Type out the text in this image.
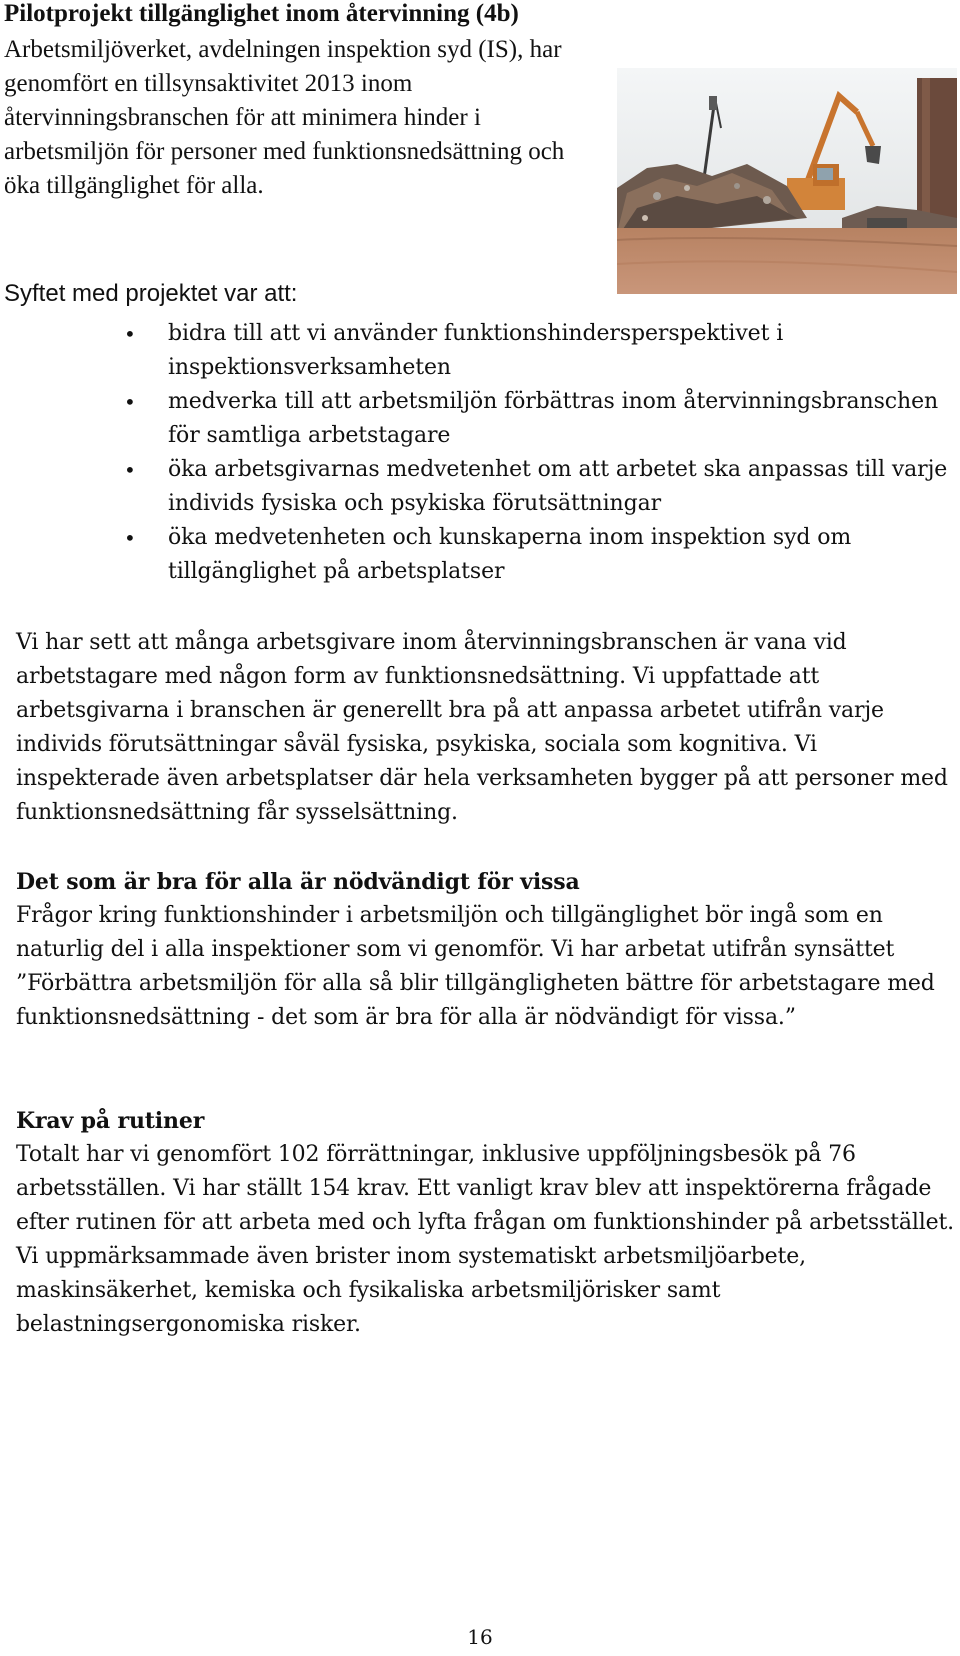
Pilotprojekt tillgänglighet inom återvinning (4b)

Arbetsmiljöverket, avdelningen inspektion syd (IS), har genomfört en tillsynsaktivitet 2013 inom återvinningsbranschen för att minimera hinder i arbetsmiljön för personer med funktionsnedsättning och öka tillgänglighet för alla.

Syftet med projektet var att:

• bidra till att vi använder funktionshindersperspektivet i inspektionsverksamheten
• medverka till att arbetsmiljön förbättras inom återvinningsbranschen för samtliga arbetstagare
• öka arbetsgivarnas medvetenhet om att arbetet ska anpassas till varje individs fysiska och psykiska förutsättningar
• öka medvetenheten och kunskaperna inom inspektion syd om tillgänglighet på arbetsplatser

Vi har sett att många arbetsgivare inom återvinningsbranschen är vana vid arbetstagare med någon form av funktionsnedsättning. Vi uppfattade att arbetsgivarna i branschen är generellt bra på att anpassa arbetet utifrån varje individs förutsättningar såväl fysiska, psykiska, sociala som kognitiva. Vi inspekterade även arbetsplatser där hela verksamheten bygger på att personer med funktionsnedsättning får sysselsättning.

Det som är bra för alla är nödvändigt för vissa
Frågor kring funktionshinder i arbetsmiljön och tillgänglighet bör ingå som en naturlig del i alla inspektioner som vi genomför. Vi har arbetat utifrån synsättet ”Förbättra arbetsmiljön för alla så blir tillgängligheten bättre för arbetstagare med funktionsnedsättning - det som är bra för alla är nödvändigt för vissa.”
Krav på rutiner
Totalt har vi genomfört 102 förrättningar, inklusive uppföljningsbesök på 76 arbetsställen. Vi har ställt 154 krav. Ett vanligt krav blev att inspektörerna frågade efter rutinen för att arbeta med och lyfta frågan om funktionshinder på arbetsstället. Vi uppmärksammade även brister inom systematiskt arbetsmiljöarbete, maskinsäkerhet, kemiska och fysikaliska arbetsmiljörisker samt belastningsergonomiska risker.

16
